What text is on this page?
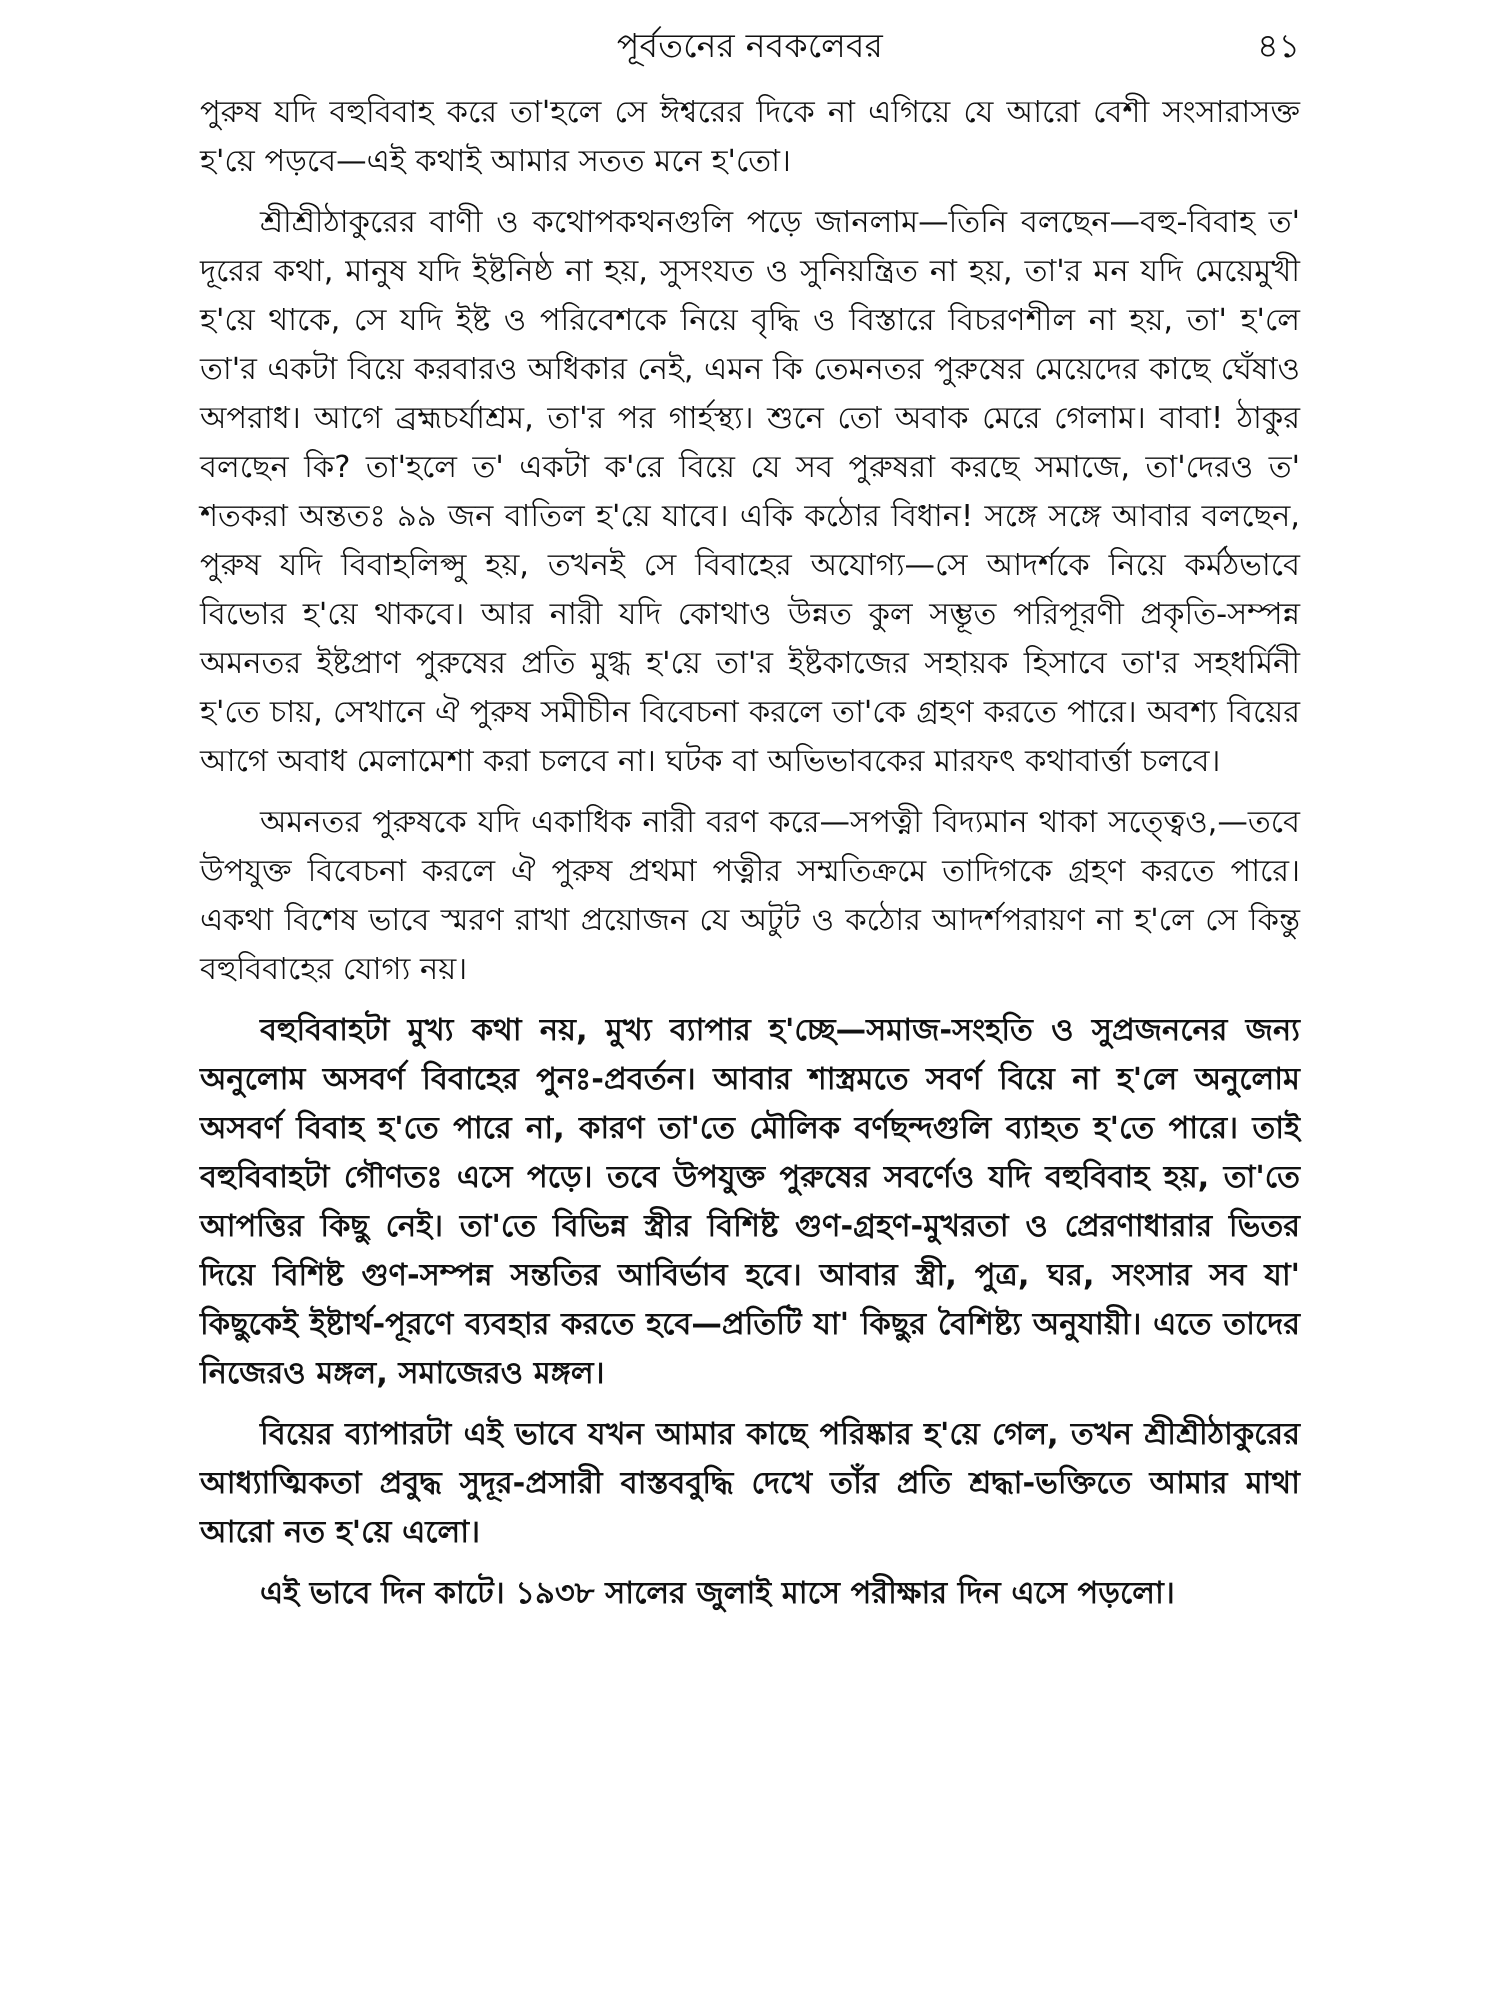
পূর্বতনের নবকলেবর	৪১

পুরুষ যদি বহুবিবাহ করে তা'হলে সে ঈশ্বরের দিকে না এগিয়ে যে আরো বেশী সংসারাসক্ত হ'য়ে পড়বে—এই কথাই আমার সতত মনে হ'তো।

শ্রীশ্রীঠাকুরের বাণী ও কথোপকথনগুলি পড়ে জানলাম—তিনি বলছেন—বহু-বিবাহ ত' দূরের কথা, মানুষ যদি ইষ্টনিষ্ঠ না হয়, সুসংযত ও সুনিয়ন্ত্রিত না হয়, তা'র মন যদি মেয়েমুখী হ'য়ে থাকে, সে যদি ইষ্ট ও পরিবেশকে নিয়ে বৃদ্ধি ও বিস্তারে বিচরণশীল না হয়, তা' হ'লে তা'র একটা বিয়ে করবারও অধিকার নেই, এমন কি তেমনতর পুরুষের মেয়েদের কাছে ঘেঁষাও অপরাধ। আগে ব্রহ্মচর্যাশ্রম, তা'র পর গার্হস্থ্য। শুনে তো অবাক মেরে গেলাম। বাবা! ঠাকুর বলছেন কি? তা'হলে ত' একটা ক'রে বিয়ে যে সব পুরুষরা করছে সমাজে, তা'দেরও ত' শতকরা অন্ততঃ ৯৯ জন বাতিল হ'য়ে যাবে। একি কঠোর বিধান! সঙ্গে সঙ্গে আবার বলছেন, পুরুষ যদি বিবাহলিপ্সু হয়, তখনই সে বিবাহের অযোগ্য—সে আদর্শকে নিয়ে কর্মঠভাবে বিভোর হ'য়ে থাকবে। আর নারী যদি কোথাও উন্নত কুল সম্ভূত পরিপূরণী প্রকৃতি-সম্পন্ন অমনতর ইষ্টপ্রাণ পুরুষের প্রতি মুগ্ধ হ'য়ে তা'র ইষ্টকাজের সহায়ক হিসাবে তা'র সহধর্মিনী হ'তে চায়, সেখানে ঐ পুরুষ সমীচীন বিবেচনা করলে তা'কে গ্রহণ করতে পারে। অবশ্য বিয়ের আগে অবাধ মেলামেশা করা চলবে না। ঘটক বা অভিভাবকের মারফৎ কথাবার্ত্তা চলবে।

অমনতর পুরুষকে যদি একাধিক নারী বরণ করে—সপত্নী বিদ্যমান থাকা সত্ত্বেও,—তবে উপযুক্ত বিবেচনা করলে ঐ পুরুষ প্রথমা পত্নীর সম্মতিক্রমে তাদিগকে গ্রহণ করতে পারে। একথা বিশেষ ভাবে স্মরণ রাখা প্রয়োজন যে অটুট ও কঠোর আদর্শপরায়ণ না হ'লে সে কিন্তু বহুবিবাহের যোগ্য নয়।

বহুবিবাহটা মুখ্য কথা নয়, মুখ্য ব্যাপার হ'চ্ছে—সমাজ-সংহতি ও সুপ্রজননের জন্য অনুলোম অসবর্ণ বিবাহের পুনঃ-প্রবর্তন। আবার শাস্ত্রমতে সবর্ণ বিয়ে না হ'লে অনুলোম অসবর্ণ বিবাহ হ'তে পারে না, কারণ তা'তে মৌলিক বর্ণছন্দগুলি ব্যাহত হ'তে পারে। তাই বহুবিবাহটা গৌণতঃ এসে পড়ে। তবে উপযুক্ত পুরুষের সবর্ণেও যদি বহুবিবাহ হয়, তা'তে আপত্তির কিছু নেই। তা'তে বিভিন্ন স্ত্রীর বিশিষ্ট গুণ-গ্রহণ-মুখরতা ও প্রেরণাধারার ভিতর দিয়ে বিশিষ্ট গুণ-সম্পন্ন সন্ততির আবির্ভাব হবে। আবার স্ত্রী, পুত্র, ঘর, সংসার সব যা' কিছুকেই ইষ্টার্থ-পূরণে ব্যবহার করতে হবে—প্রতিটি যা' কিছুর বৈশিষ্ট্য অনুযায়ী। এতে তাদের নিজেরও মঙ্গল, সমাজেরও মঙ্গল।

বিয়ের ব্যাপারটা এই ভাবে যখন আমার কাছে পরিষ্কার হ'য়ে গেল, তখন শ্রীশ্রীঠাকুরের আধ্যাত্মিকতা প্রবুদ্ধ সুদূর-প্রসারী বাস্তববুদ্ধি দেখে তাঁর প্রতি শ্রদ্ধা-ভক্তিতে আমার মাথা আরো নত হ'য়ে এলো।

এই ভাবে দিন কাটে। ১৯৩৮ সালের জুলাই মাসে পরীক্ষার দিন এসে পড়লো।
